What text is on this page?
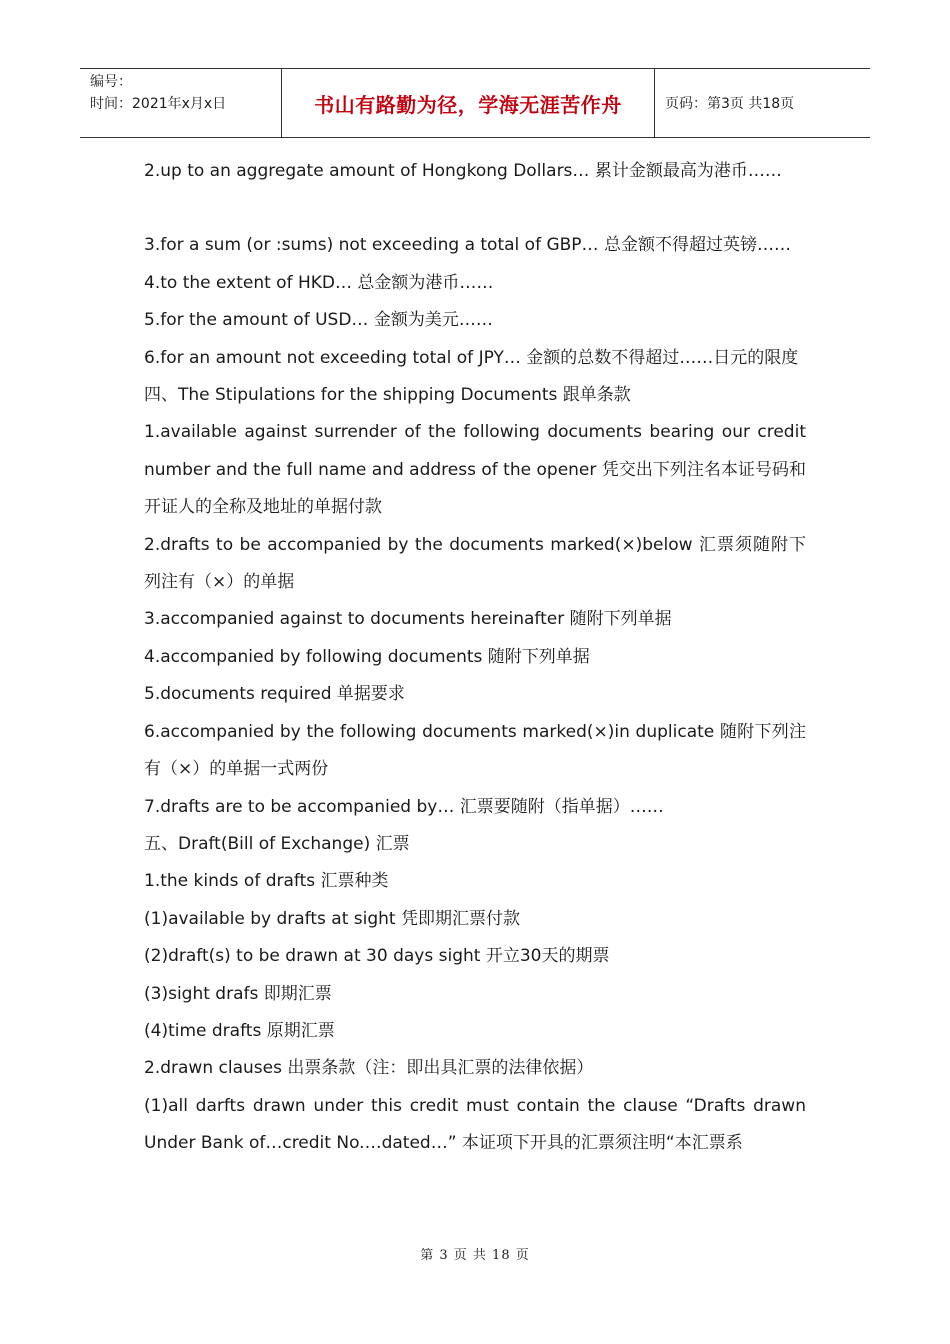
编号：
时间：2021年x月x日	书山有路勤为径，学海无涯苦作舟	页码：第3页 共18页

2.up to an aggregate amount of Hongkong Dollars… 累计金额最高为港币……

3.for a sum (or :sums) not exceeding a total of GBP… 总金额不得超过英镑……

4.to the extent of HKD… 总金额为港币……

5.for the amount of USD… 金额为美元……

6.for an amount not exceeding total of JPY… 金额的总数不得超过……日元的限度

四、The Stipulations for the shipping Documents 跟单条款

1.available against surrender of the following documents bearing our credit number and the full name and address of the opener 凭交出下列注名本证号码和开证人的全称及地址的单据付款

2.drafts to be accompanied by the documents marked(×)below 汇票须随附下列注有（×）的单据

3.accompanied against to documents hereinafter 随附下列单据

4.accompanied by following documents 随附下列单据

5.documents required 单据要求

6.accompanied by the following documents marked(×)in duplicate 随附下列注有（×）的单据一式两份

7.drafts are to be accompanied by… 汇票要随附（指单据）……

五、Draft(Bill of Exchange) 汇票

1.the kinds of drafts 汇票种类

(1)available by drafts at sight 凭即期汇票付款

(2)draft(s) to be drawn at 30 days sight 开立30天的期票

(3)sight drafs 即期汇票

(4)time drafts 原期汇票

2.drawn clauses 出票条款（注：即出具汇票的法律依据）

(1)all darfts drawn under this credit must contain the clause “Drafts drawn Under Bank of…credit No.…dated…” 本证项下开具的汇票须注明“本汇票系

第 3 页 共 18 页
